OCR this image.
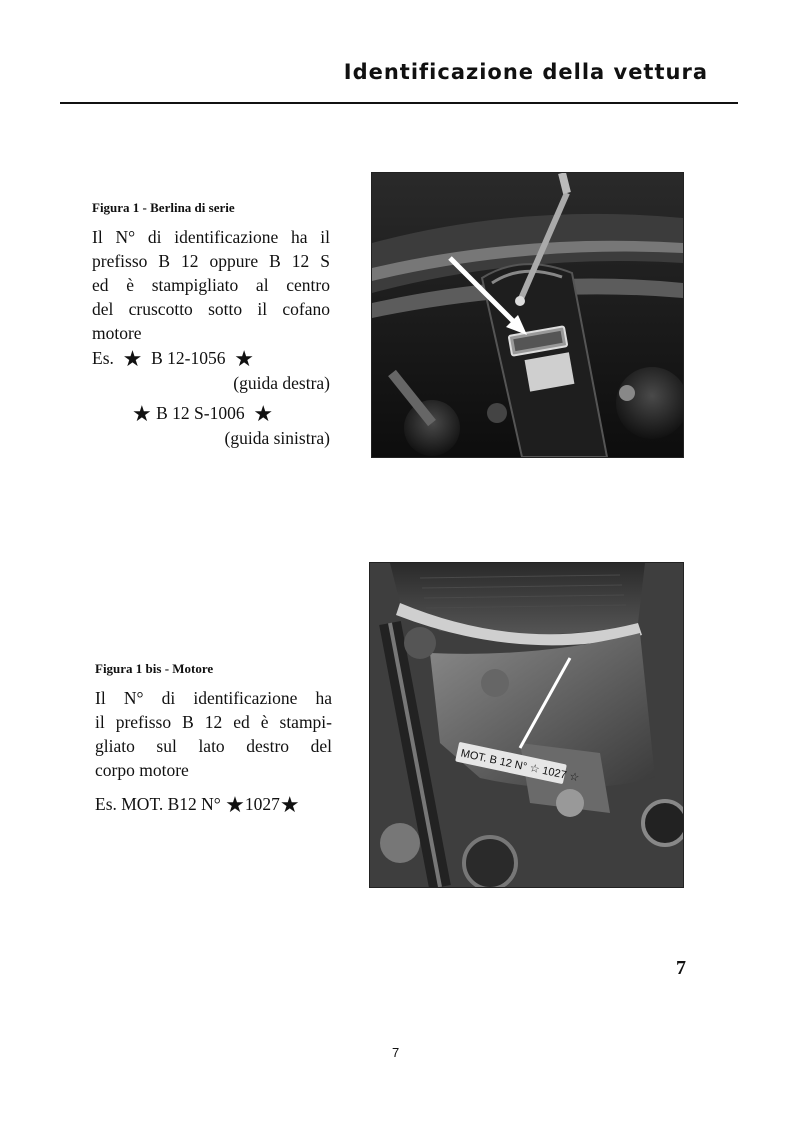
Identificazione della vettura
Figura 1 - Berlina di serie
Il N° di identificazione ha il
prefisso B 12 oppure B 12 S
ed è stampigliato al centro
del cruscotto sotto il cofano
motore
Es. ★ B 12-1056 ★
(guida destra)
★ B 12 S-1006 ★
(guida sinistra)
Figura 1 bis - Motore
Il N° di identificazione ha
il prefisso B 12 ed è stampi-
gliato sul lato destro del
corpo motore
Es. MOT. B12 N° ★1027★
MOT. B 12 N° ☆ 1027 ☆
7
7
